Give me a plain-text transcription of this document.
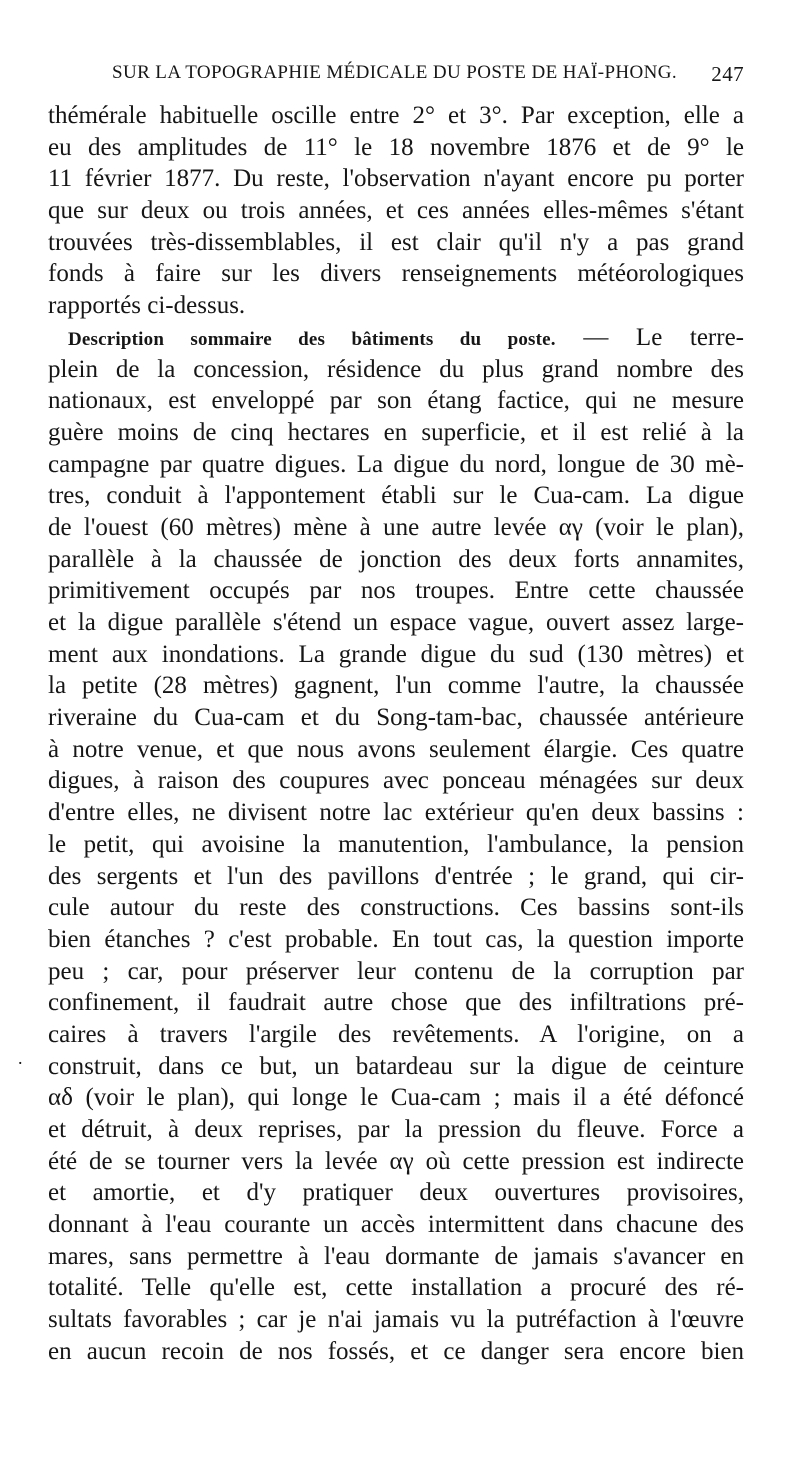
SUR LA TOPOGRAPHIE MÉDICALE DU POSTE DE HAÏ-PHONG. 247
thémérale habituelle oscille entre 2° et 3°. Par exception, elle a
eu des amplitudes de 11° le 18 novembre 1876 et de 9° le
11 février 1877. Du reste, l'observation n'ayant encore pu porter
que sur deux ou trois années, et ces années elles-mêmes s'étant
trouvées très-dissemblables, il est clair qu'il n'y a pas grand
fonds à faire sur les divers renseignements météorologiques
rapportés ci-dessus.
Description sommaire des bâtiments du poste. — Le terre-
plein de la concession, résidence du plus grand nombre des
nationaux, est enveloppé par son étang factice, qui ne mesure
guère moins de cinq hectares en superficie, et il est relié à la
campagne par quatre digues. La digue du nord, longue de 30 mè-
tres, conduit à l'appontement établi sur le Cua-cam. La digue
de l'ouest (60 mètres) mène à une autre levée αγ (voir le plan),
parallèle à la chaussée de jonction des deux forts annamites,
primitivement occupés par nos troupes. Entre cette chaussée
et la digue parallèle s'étend un espace vague, ouvert assez large-
ment aux inondations. La grande digue du sud (130 mètres) et
la petite (28 mètres) gagnent, l'un comme l'autre, la chaussée
riveraine du Cua-cam et du Song-tam-bac, chaussée antérieure
à notre venue, et que nous avons seulement élargie. Ces quatre
digues, à raison des coupures avec ponceau ménagées sur deux
d'entre elles, ne divisent notre lac extérieur qu'en deux bassins :
le petit, qui avoisine la manutention, l'ambulance, la pension
des sergents et l'un des pavillons d'entrée ; le grand, qui cir-
cule autour du reste des constructions. Ces bassins sont-ils
bien étanches ? c'est probable. En tout cas, la question importe
peu ; car, pour préserver leur contenu de la corruption par
confinement, il faudrait autre chose que des infiltrations pré-
caires à travers l'argile des revêtements. A l'origine, on a
construit, dans ce but, un batardeau sur la digue de ceinture
αδ (voir le plan), qui longe le Cua-cam ; mais il a été défoncé
et détruit, à deux reprises, par la pression du fleuve. Force a
été de se tourner vers la levée αγ où cette pression est indirecte
et amortie, et d'y pratiquer deux ouvertures provisoires,
donnant à l'eau courante un accès intermittent dans chacune des
mares, sans permettre à l'eau dormante de jamais s'avancer en
totalité. Telle qu'elle est, cette installation a procuré des ré-
sultats favorables ; car je n'ai jamais vu la putréfaction à l'œuvre
en aucun recoin de nos fossés, et ce danger sera encore bien
.
